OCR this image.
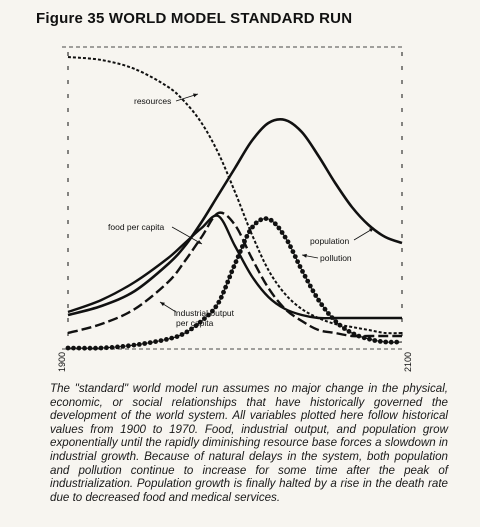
Figure 35 WORLD MODEL STANDARD RUN
1900	2100
resources
food per capita
population
pollution
industrial output
per capita

The "standard" world model run assumes no major change in the physical, economic, or social relationships that have historically governed the development of the world system. All variables plotted here follow historical values from 1900 to 1970. Food, industrial output, and population grow exponentially until the rapidly diminishing resource base forces a slowdown in industrial growth. Because of natural delays in the system, both population and pollution continue to increase for some time after the peak of industrialization. Population growth is finally halted by a rise in the death rate due to decreased food and medical services.
